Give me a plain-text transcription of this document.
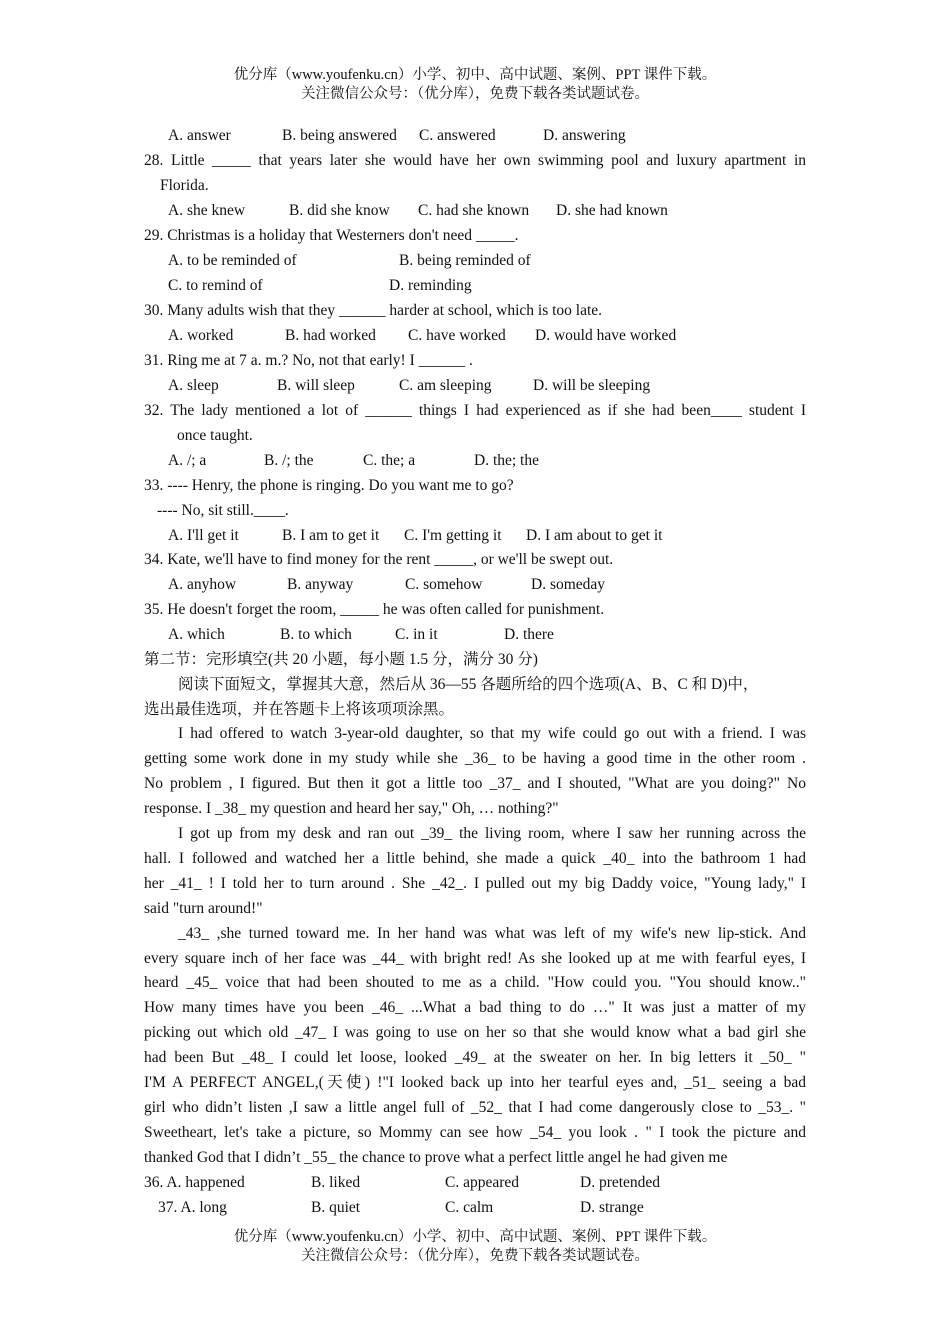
优分库（www.youfenku.cn）小学、初中、高中试题、案例、PPT 课件下载。
关注微信公众号：（优分库），免费下载各类试题试卷。
A. answer	B. being answered C. answered	D. answering
28. Little _____ that years later she would have her own swimming pool and luxury apartment in
Florida.
A. she knew	B. did she know C. had she known D. she had known
29. Christmas is a holiday that Westerners don't need _____.
A. to be reminded of	B. being reminded of
C. to remind of	D. reminding
30. Many adults wish that they ______ harder at school, which is too late.
A. worked	B. had worked C. have worked D. would have worked
31. Ring me at 7 a. m.? No, not that early! I ______ .
A. sleep	B. will sleep	C. am sleeping	D. will be sleeping
32. The lady mentioned a lot of ______ things I had experienced as if she had been____ student I
once taught.
A. /; a	B. /; the	C. the; a	D. the; the
33. ---- Henry, the phone is ringing. Do you want me to go?
---- No, sit still.____.
A. I'll get it	B. I am to get it C. I'm getting it D. I am about to get it
34. Kate, we'll have to find money for the rent _____, or we'll be swept out.
A. anyhow	B. anyway	C. somehow	D. someday
35. He doesn't forget the room, _____ he was often called for punishment.
A. which	B. to which	C. in it	D. there
第二节：完形填空(共 20 小题，每小题 1.5 分，满分 30 分)
阅读下面短文，掌握其大意，然后从 36—55 各题所给的四个选项(A、B、C 和 D)中，
选出最佳选项，并在答题卡上将该项项涂黑。
I had offered to watch 3-year-old daughter, so that my wife could go out with a friend. I was
getting some work done in my study while she _36_ to be having a good time in the other room .
No problem , I figured. But then it got a little too _37_ and I shouted, "What are you doing?" No
response. I _38_ my question and heard her say," Oh, … nothing?"
I got up from my desk and ran out _39_ the living room, where I saw her running across the
hall. I followed and watched her a little behind, she made a quick _40_ into the bathroom 1 had
her _41_ ! I told her to turn around . She _42_. I pulled out my big Daddy voice, "Young lady," I
said "turn around!"
_43_ ,she turned toward me. In her hand was what was left of my wife's new lip-stick. And
every square inch of her face was _44_ with bright red! As she looked up at me with fearful eyes, I
heard _45_ voice that had been shouted to me as a child. "How could you. "You should know.."
How many times have you been _46_ ...What a bad thing to do …" It was just a matter of my
picking out which old _47_ I was going to use on her so that she would know what a bad girl she
had been But _48_ I could let loose, looked _49_ at the sweater on her. In big letters it _50_ "
I'M A PERFECT ANGEL,(天使) !"I looked back up into her tearful eyes and, _51_ seeing a bad
girl who didn’t listen ,I saw a little angel full of _52_ that I had come dangerously close to _53_. "
Sweetheart, let's take a picture, so Mommy can see how _54_ you look . " I took the picture and
thanked God that I didn’t _55_ the chance to prove what a perfect little angel he had given me
36. A. happened	B. liked	C. appeared	D. pretended
37. A. long	B. quiet	C. calm	D. strange
优分库（www.youfenku.cn）小学、初中、高中试题、案例、PPT 课件下载。
关注微信公众号：（优分库），免费下载各类试题试卷。
